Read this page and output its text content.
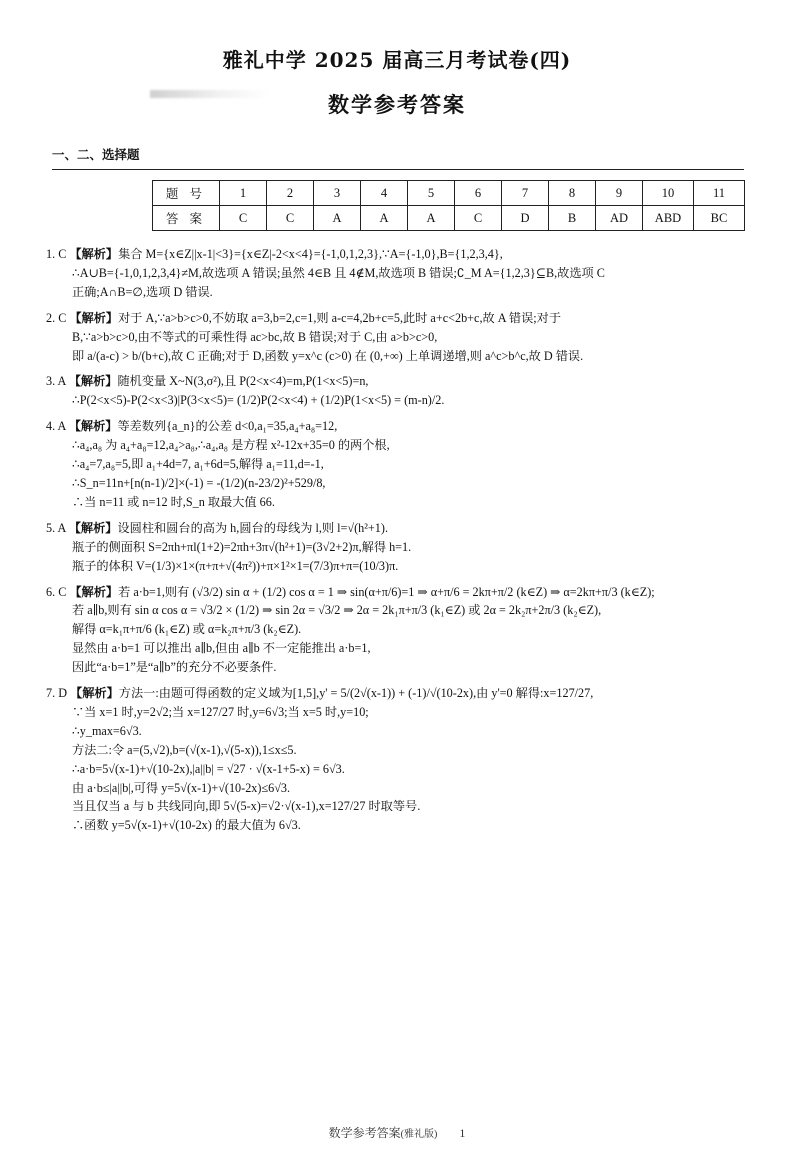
雅礼中学 2025 届高三月考试卷(四)
数学参考答案
一、二、选择题
题 号	1	2	3	4	5	6	7	8	9	10	11
答 案	C	C	A	A	A	C	D	B	AD	ABD	BC
1. C 【解析】集合 M={x∈Z||x-1|<3}={x∈Z|-2<x<4}={-1,0,1,2,3},∵A={-1,0},B={1,2,3,4},
∴A∪B={-1,0,1,2,3,4}≠M,故选项 A 错误;虽然 4∈B 且 4∉M,故选项 B 错误;∁_M A={1,2,3}⊆B,故选项 C
正确;A∩B=∅,选项 D 错误.
2. C 【解析】对于 A,∵a>b>c>0,不妨取 a=3,b=2,c=1,则 a-c=4,2b+c=5,此时 a+c<2b+c,故 A 错误;对于
B,∵a>b>c>0,由不等式的可乘性得 ac>bc,故 B 错误;对于 C,由 a>b>c>0,
即 a/(a-c) > b/(b+c),故 C 正确;对于 D,函数 y=x^c (c>0) 在 (0,+∞) 上单调递增,则 a^c>b^c,故 D 错误.
3. A 【解析】随机变量 X~N(3,σ²),且 P(2<x<4)=m,P(1<x<5)=n,
∴P(2<x<5)-P(2<x<3)|P(3<x<5)= (1/2)P(2<x<4) + (1/2)P(1<x<5) = (m-n)/2.
4. A 【解析】等差数列{a_n}的公差 d<0,a₁=35,a₄+a₈=12,
∴a₄,a₈ 为 a₄+a₈=12,a₄>a₈,∴a₄,a₈ 是方程 x²-12x+35=0 的两个根,
∴a₄=7,a₈=5,即 a₁+4d=7, a₁+6d=5,解得 a₁=11,d=-1,
∴S_n=11n+[n(n-1)/2]×(-1) = -(1/2)(n-23/2)²+529/8,
∴当 n=11 或 n=12 时,S_n 取最大值 66.
5. A 【解析】设圆柱和圆台的高为 h,圆台的母线为 l,则 l=√(h²+1).
瓶子的侧面积 S=2πh+πl(1+2)=2πh+3π√(h²+1)=(3√2+2)π,解得 h=1.
瓶子的体积 V=(1/3)×1×(π+π+√(4π²))+π×1²×1=(7/3)π+π=(10/3)π.
6. C 【解析】若 a·b=1,则有 (√3/2) sin α + (1/2) cos α = 1 ⇒ sin(α+π/6)=1 ⇒ α+π/6 = 2kπ+π/2 (k∈Z) ⇒ α=2kπ+π/3 (k∈Z);
若 a∥b,则有 sin α cos α = √3/2 × (1/2) ⇒ sin 2α = √3/2 ⇒ 2α = 2k₁π+π/3 (k₁∈Z) 或 2α = 2k₂π+2π/3 (k₂∈Z),
解得 α=k₁π+π/6 (k₁∈Z) 或 α=k₂π+π/3 (k₂∈Z).
显然由 a·b=1 可以推出 a∥b,但由 a∥b 不一定能推出 a·b=1,
因此“a·b=1”是“a∥b”的充分不必要条件.
7. D 【解析】方法一:由题可得函数的定义域为[1,5],y' = 5/(2√(x-1)) + (-1)/√(10-2x),由 y'=0 解得:x=127/27,
∵当 x=1 时,y=2√2;当 x=127/27 时,y=6√3;当 x=5 时,y=10;
∴y_max=6√3.
方法二:令 a=(5,√2),b=(√(x-1),√(5-x)),1≤x≤5.
∴a·b=5√(x-1)+√(10-2x),|a||b| = √27 · √(x-1+5-x) = 6√3.
由 a·b≤|a||b|,可得 y=5√(x-1)+√(10-2x)≤6√3.
当且仅当 a 与 b 共线同向,即 5√(5-x)=√2·√(x-1),x=127/27 时取等号.
∴函数 y=5√(x-1)+√(10-2x) 的最大值为 6√3.
数学参考答案(雅礼版) 1
